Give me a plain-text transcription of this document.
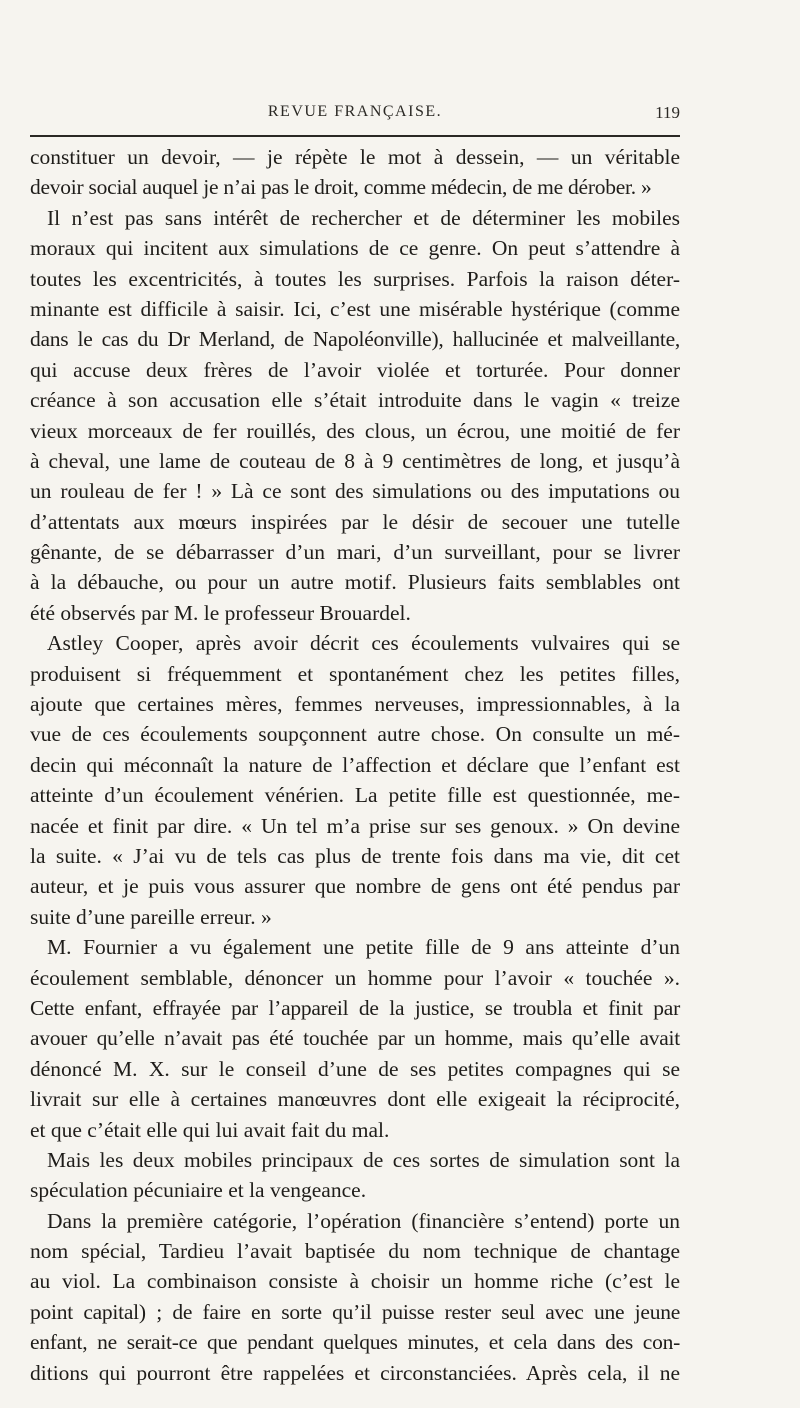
REVUE FRANÇAISE.	119
constituer un devoir, — je répète le mot à dessein, — un véritable
devoir social auquel je n’ai pas le droit, comme médecin, de me dérober. »
Il n’est pas sans intérêt de rechercher et de déterminer les mobiles
moraux qui incitent aux simulations de ce genre. On peut s’attendre à
toutes les excentricités, à toutes les surprises. Parfois la raison déter-
minante est difficile à saisir. Ici, c’est une misérable hystérique (comme
dans le cas du Dr Merland, de Napoléonville), hallucinée et malveillante,
qui accuse deux frères de l’avoir violée et torturée. Pour donner
créance à son accusation elle s’était introduite dans le vagin « treize
vieux morceaux de fer rouillés, des clous, un écrou, une moitié de fer
à cheval, une lame de couteau de 8 à 9 centimètres de long, et jusqu’à
un rouleau de fer ! » Là ce sont des simulations ou des imputations ou
d’attentats aux mœurs inspirées par le désir de secouer une tutelle
gênante, de se débarrasser d’un mari, d’un surveillant, pour se livrer
à la débauche, ou pour un autre motif. Plusieurs faits semblables ont
été observés par M. le professeur Brouardel.
Astley Cooper, après avoir décrit ces écoulements vulvaires qui se
produisent si fréquemment et spontanément chez les petites filles,
ajoute que certaines mères, femmes nerveuses, impressionnables, à la
vue de ces écoulements soupçonnent autre chose. On consulte un mé-
decin qui méconnaît la nature de l’affection et déclare que l’enfant est
atteinte d’un écoulement vénérien. La petite fille est questionnée, me-
nacée et finit par dire. « Un tel m’a prise sur ses genoux. » On devine
la suite. « J’ai vu de tels cas plus de trente fois dans ma vie, dit cet
auteur, et je puis vous assurer que nombre de gens ont été pendus par
suite d’une pareille erreur. »
M. Fournier a vu également une petite fille de 9 ans atteinte d’un
écoulement semblable, dénoncer un homme pour l’avoir « touchée ».
Cette enfant, effrayée par l’appareil de la justice, se troubla et finit par
avouer qu’elle n’avait pas été touchée par un homme, mais qu’elle avait
dénoncé M. X. sur le conseil d’une de ses petites compagnes qui se
livrait sur elle à certaines manœuvres dont elle exigeait la réciprocité,
et que c’était elle qui lui avait fait du mal.
Mais les deux mobiles principaux de ces sortes de simulation sont la
spéculation pécuniaire et la vengeance.
Dans la première catégorie, l’opération (financière s’entend) porte un
nom spécial, Tardieu l’avait baptisée du nom technique de chantage
au viol. La combinaison consiste à choisir un homme riche (c’est le
point capital) ; de faire en sorte qu’il puisse rester seul avec une jeune
enfant, ne serait-ce que pendant quelques minutes, et cela dans des con-
ditions qui pourront être rappelées et circonstanciées. Après cela, il ne
